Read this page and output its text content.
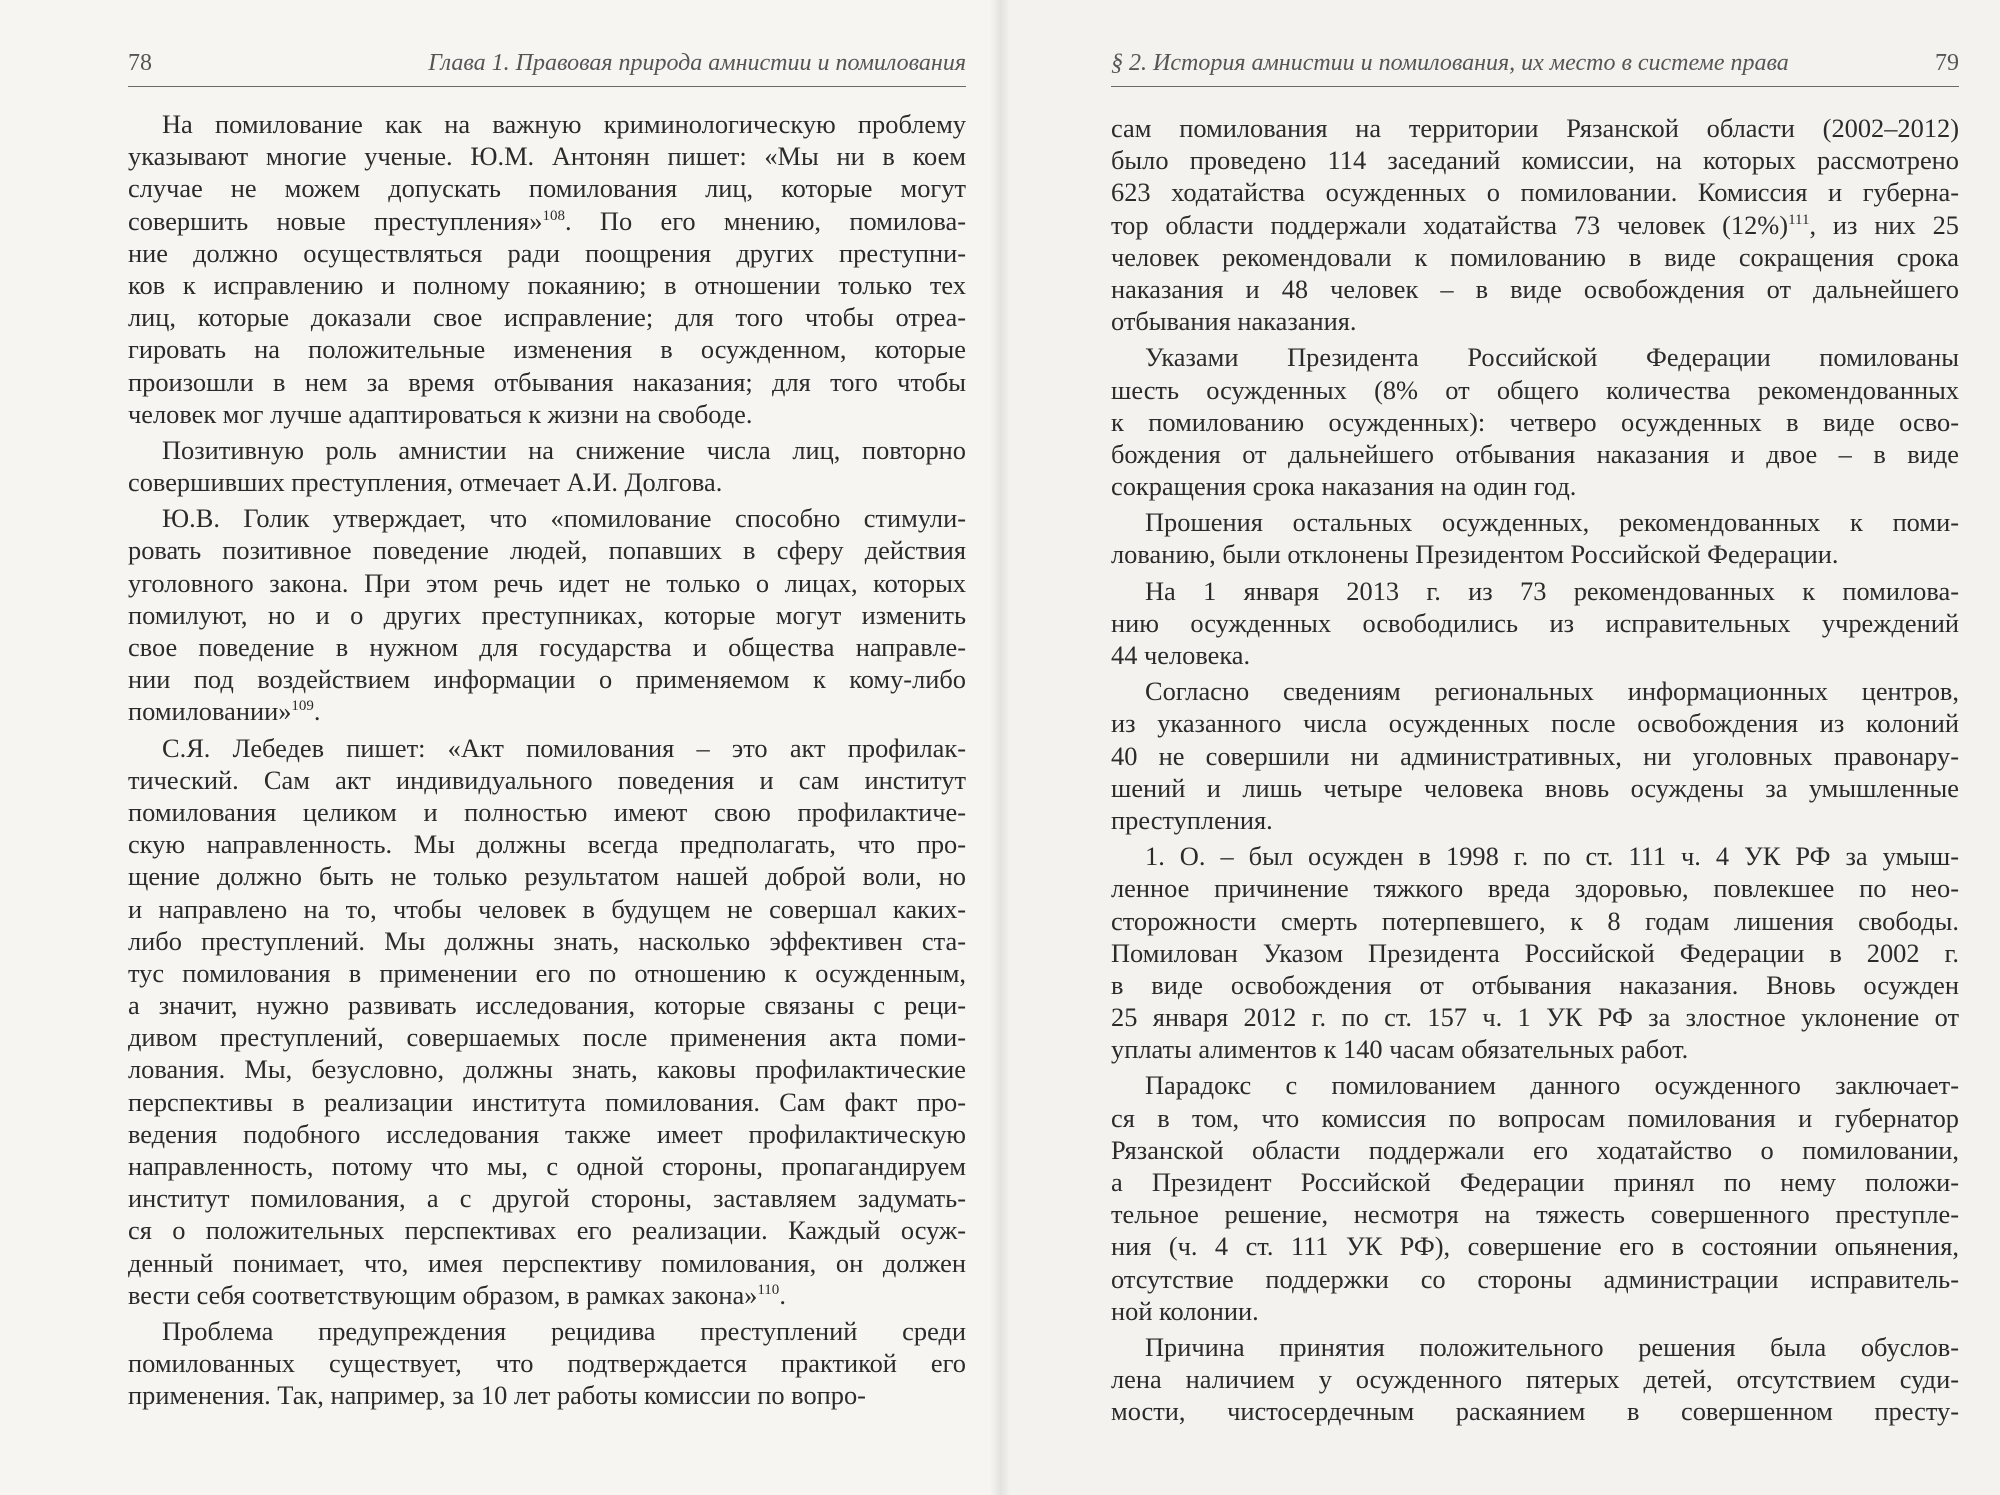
78	Глава 1. Правовая природа амнистии и помилования
На помилование как на важную криминологическую проблему
указывают многие ученые. Ю.М. Антонян пишет: «Мы ни в коем
случае не можем допускать помилования лиц, которые могут
совершить новые преступления»$^{108}$. По его мнению, помилова-
ние должно осуществляться ради поощрения других преступни-
ков к исправлению и полному покаянию; в отношении только тех
лиц, которые доказали свое исправление; для того чтобы отреа-
гировать на положительные изменения в осужденном, которые
произошли в нем за время отбывания наказания; для того чтобы
человек мог лучше адаптироваться к жизни на свободе.
Позитивную роль амнистии на снижение числа лиц, повторно
совершивших преступления, отмечает А.И. Долгова.
Ю.В. Голик утверждает, что «помилование способно стимули-
ровать позитивное поведение людей, попавших в сферу действия
уголовного закона. При этом речь идет не только о лицах, которых
помилуют, но и о других преступниках, которые могут изменить
свое поведение в нужном для государства и общества направле-
нии под воздействием информации о применяемом к кому-либо
помиловании»$^{109}$.
С.Я. Лебедев пишет: «Акт помилования – это акт профилак-
тический. Сам акт индивидуального поведения и сам институт
помилования целиком и полностью имеют свою профилактиче-
скую направленность. Мы должны всегда предполагать, что про-
щение должно быть не только результатом нашей доброй воли, но
и направлено на то, чтобы человек в будущем не совершал каких-
либо преступлений. Мы должны знать, насколько эффективен ста-
тус помилования в применении его по отношению к осужденным,
а значит, нужно развивать исследования, которые связаны с реци-
дивом преступлений, совершаемых после применения акта поми-
лования. Мы, безусловно, должны знать, каковы профилактические
перспективы в реализации института помилования. Сам факт про-
ведения подобного исследования также имеет профилактическую
направленность, потому что мы, с одной стороны, пропагандируем
институт помилования, а с другой стороны, заставляем задумать-
ся о положительных перспективах его реализации. Каждый осуж-
денный понимает, что, имея перспективу помилования, он должен
вести себя соответствующим образом, в рамках закона»$^{110}$.
Проблема предупреждения рецидива преступлений среди
помилованных существует, что подтверждается практикой его
применения. Так, например, за 10 лет работы комиссии по вопро-
§ 2. История амнистии и помилования, их место в системе права	79
сам помилования на территории Рязанской области (2002–2012)
было проведено 114 заседаний комиссии, на которых рассмотрено
623 ходатайства осужденных о помиловании. Комиссия и губерна-
тор области поддержали ходатайства 73 человек $(12\%)^{111}$, из них 25
человек рекомендовали к помилованию в виде сокращения срока
наказания и 48 человек – в виде освобождения от дальнейшего
отбывания наказания.
Указами Президента Российской Федерации помилованы
шесть осужденных (8% от общего количества рекомендованных
к помилованию осужденных): четверо осужденных в виде осво-
бождения от дальнейшего отбывания наказания и двое – в виде
сокращения срока наказания на один год.
Прошения остальных осужденных, рекомендованных к поми-
лованию, были отклонены Президентом Российской Федерации.
На 1 января 2013 г. из 73 рекомендованных к помилова-
нию осужденных освободились из исправительных учреждений
44 человека.
Согласно сведениям региональных информационных центров,
из указанного числа осужденных после освобождения из колоний
40 не совершили ни административных, ни уголовных правонару-
шений и лишь четыре человека вновь осуждены за умышленные
преступления.
1. О. – был осужден в 1998 г. по ст. 111 ч. 4 УК РФ за умыш-
ленное причинение тяжкого вреда здоровью, повлекшее по нео-
сторожности смерть потерпевшего, к 8 годам лишения свободы.
Помилован Указом Президента Российской Федерации в 2002 г.
в виде освобождения от отбывания наказания. Вновь осужден
25 января 2012 г. по ст. 157 ч. 1 УК РФ за злостное уклонение от
уплаты алиментов к 140 часам обязательных работ.
Парадокс с помилованием данного осужденного заключает-
ся в том, что комиссия по вопросам помилования и губернатор
Рязанской области поддержали его ходатайство о помиловании,
а Президент Российской Федерации принял по нему положи-
тельное решение, несмотря на тяжесть совершенного преступле-
ния (ч. 4 ст. 111 УК РФ), совершение его в состоянии опьянения,
отсутствие поддержки со стороны администрации исправитель-
ной колонии.
Причина принятия положительного решения была обуслов-
лена наличием у осужденного пятерых детей, отсутствием суди-
мости, чистосердечным раскаянием в совершенном престу-
